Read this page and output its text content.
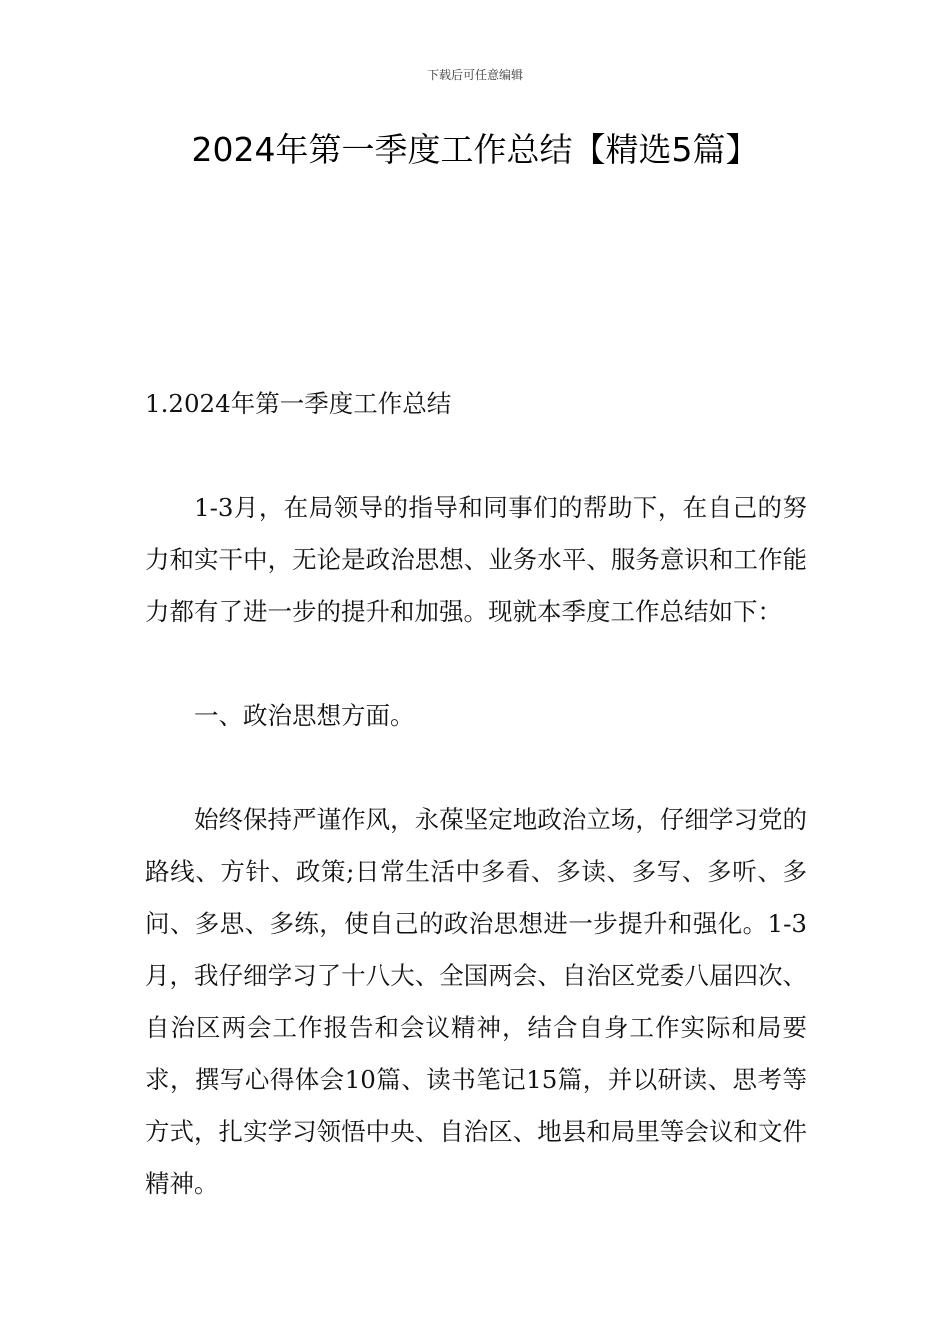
下载后可任意编辑
2024年第一季度工作总结【精选5篇】

1.2024年第一季度工作总结

1-3月，在局领导的指导和同事们的帮助下，在自己的努力和实干中，无论是政治思想、业务水平、服务意识和工作能力都有了进一步的提升和加强。现就本季度工作总结如下：

一、政治思想方面。

始终保持严谨作风，永葆坚定地政治立场，仔细学习党的路线、方针、政策;日常生活中多看、多读、多写、多听、多问、多思、多练，使自己的政治思想进一步提升和强化。1-3月，我仔细学习了十八大、全国两会、自治区党委八届四次、自治区两会工作报告和会议精神，结合自身工作实际和局要求，撰写心得体会10篇、读书笔记15篇，并以研读、思考等方式，扎实学习领悟中央、自治区、地县和局里等会议和文件精神。
